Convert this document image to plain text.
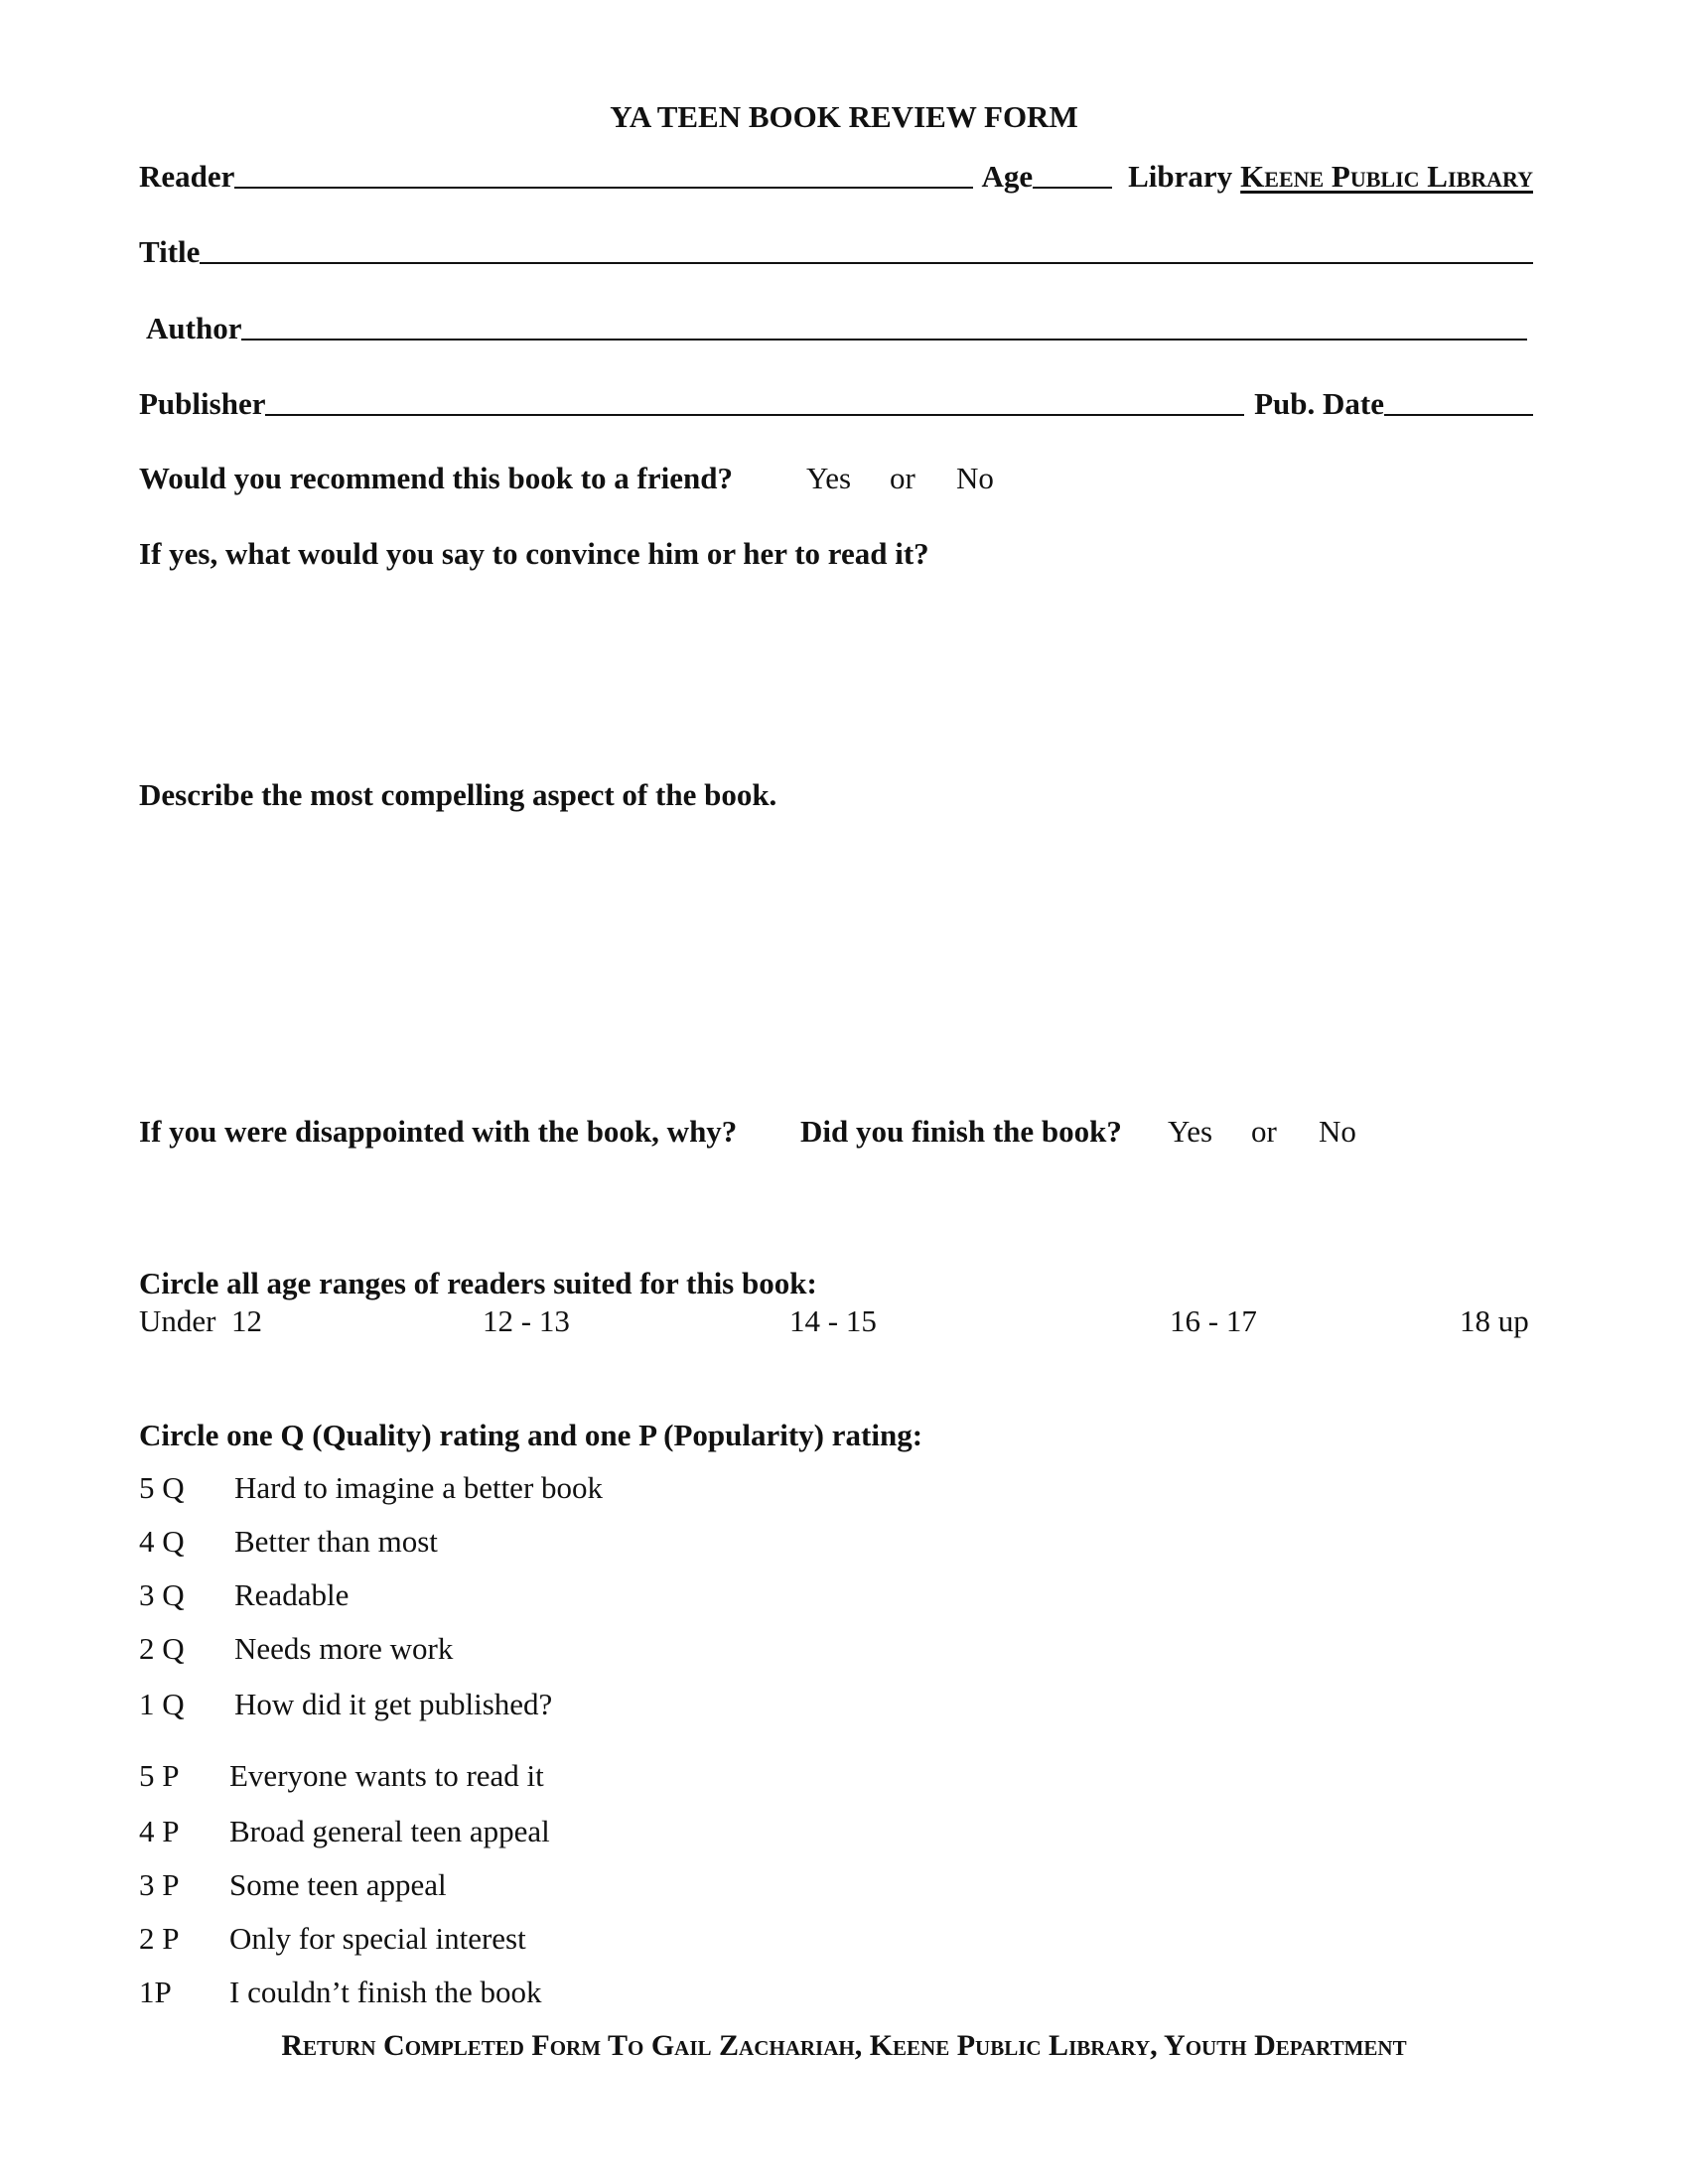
YA TEEN BOOK REVIEW FORM
Reader	Age	Library Keene Public Library
Title
Author
Publisher	Pub. Date
Would you recommend this book to a friend? Yes or No
If yes, what would you say to convince him or her to read it?
Describe the most compelling aspect of the book.
If you were disappointed with the book, why? Did you finish the book? Yes or No
Circle all age ranges of readers suited for this book:
Under  12	12 - 13	14 - 15	16 - 17	18 up
Circle one Q (Quality) rating and one P (Popularity) rating:
5 Q Hard to imagine a better book
4 Q Better than most
3 Q Readable
2 Q Needs more work
1 Q How did it get published?
5 P Everyone wants to read it
4 P Broad general teen appeal
3 P Some teen appeal
2 P Only for special interest
1P I couldn’t finish the book
Return Completed Form To Gail Zachariah, Keene Public Library, Youth Department
